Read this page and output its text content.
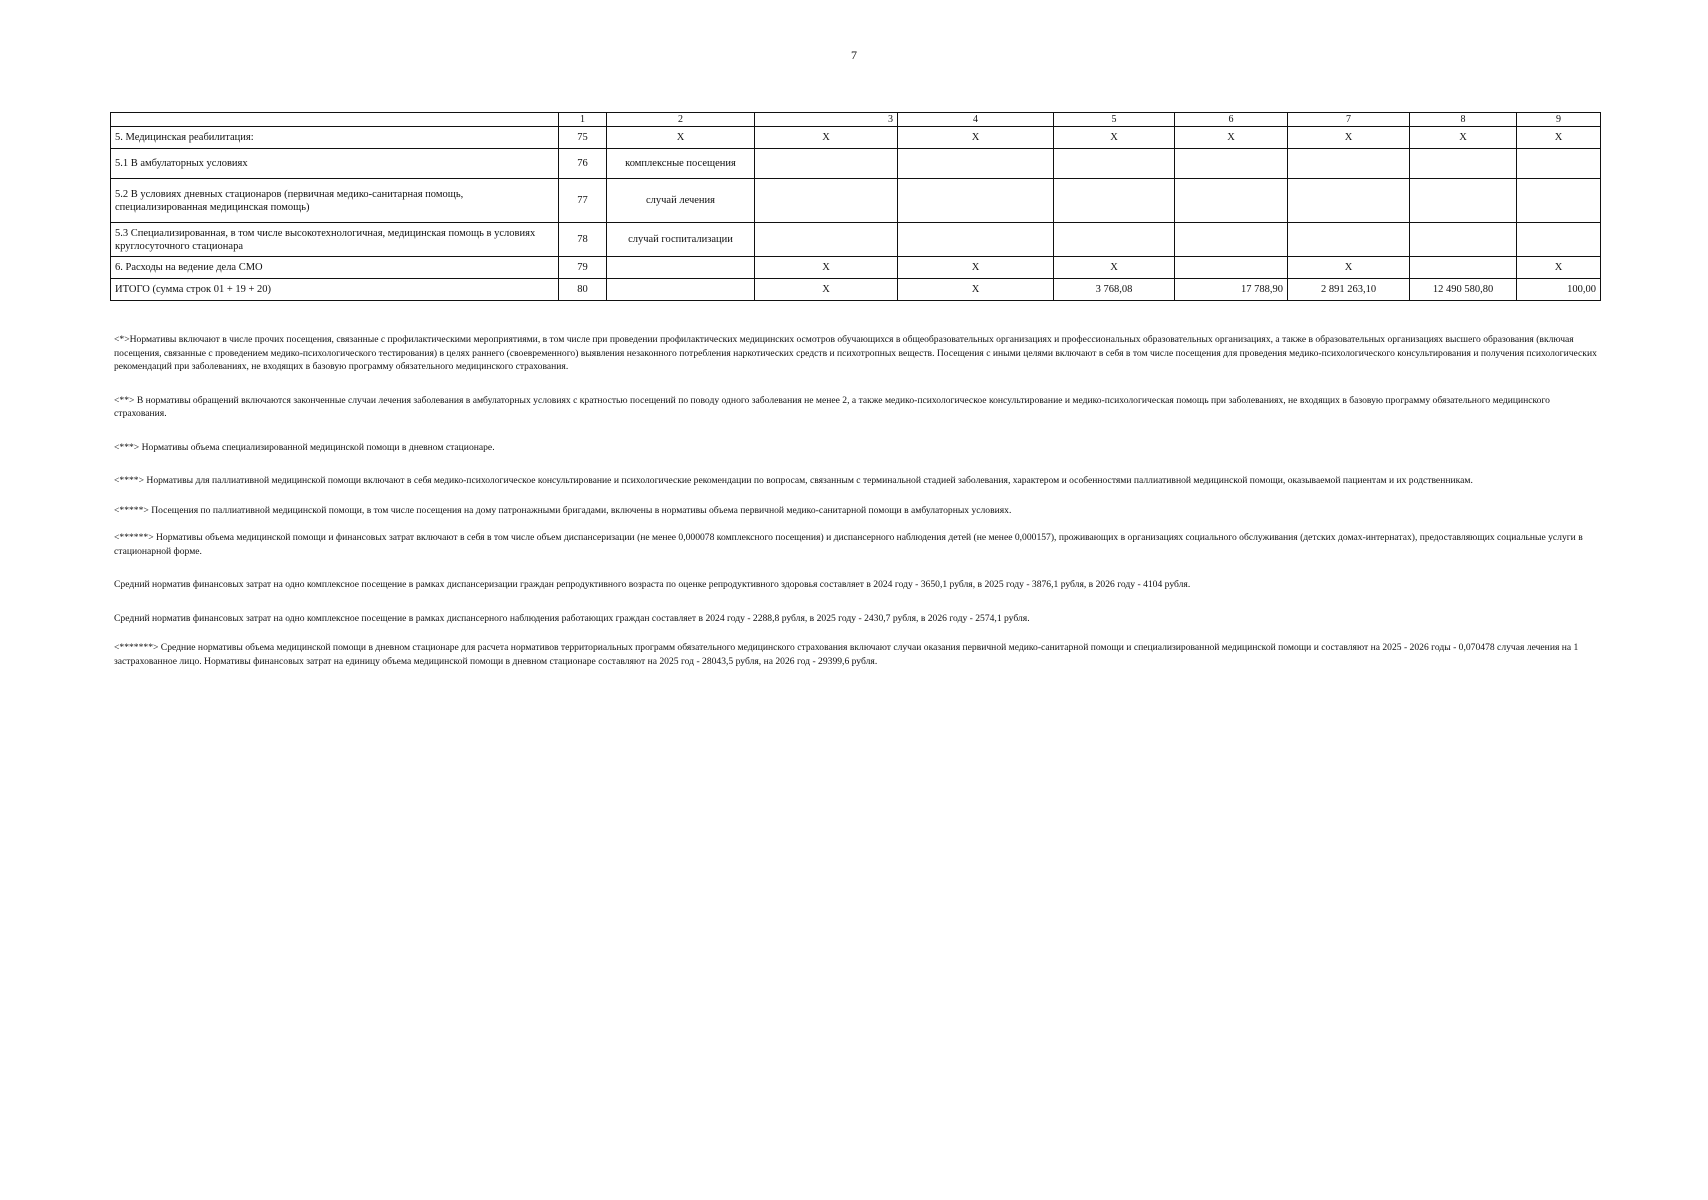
7
	1	2	3	4	5	6	7	8	9
5. Медицинская реабилитация:	75	Х	Х	Х	Х	Х	Х	Х	Х
5.1 В амбулаторных условиях	76	комплексные посещения							
5.2 В условиях дневных стационаров (первичная медико-санитарная помощь, специализированная медицинская помощь)	77	случай лечения							
5.3 Специализированная, в том числе высокотехнологичная, медицинская помощь в условиях круглосуточного стационара	78	случай госпитализации							
6. Расходы на ведение дела СМО	79		Х	Х	Х		Х		Х
ИТОГО (сумма строк 01 + 19 + 20)	80		Х	Х	3 768,08	17 788,90	2 891 263,10	12 490 580,80	100,00

<*>Нормативы включают в числе прочих посещения, связанные с профилактическими мероприятиями, в том числе при проведении профилактических медицинских осмотров обучающихся в общеобразовательных организациях и профессиональных образовательных организациях, а также в образовательных организациях высшего образования (включая посещения, связанные с проведением медико-психологического тестирования) в целях раннего (своевременного) выявления незаконного потребления наркотических средств и психотропных веществ. Посещения с иными целями включают в себя в том числе посещения для проведения медико-психологического консультирования и получения психологических рекомендаций при заболеваниях, не входящих в базовую программу обязательного медицинского страхования.

<**> В нормативы обращений включаются законченные случаи лечения заболевания в амбулаторных условиях с кратностью посещений по поводу одного заболевания не менее 2, а также медико-психологическое консультирование и медико-психологическая помощь при заболеваниях, не входящих в базовую программу обязательного медицинского страхования.

<***> Нормативы объема специализированной медицинской помощи в дневном стационаре.

<****> Нормативы для паллиативной медицинской помощи включают в себя медико-психологическое консультирование и психологические рекомендации по вопросам, связанным с терминальной стадией заболевания, характером и особенностями паллиативной медицинской помощи, оказываемой пациентам и их родственникам.

<*****> Посещения по паллиативной медицинской помощи, в том числе посещения на дому патронажными бригадами, включены в нормативы объема первичной медико-санитарной помощи в амбулаторных условиях.

<******> Нормативы объема медицинской помощи и финансовых затрат включают в себя в том числе объем диспансеризации (не менее 0,000078 комплексного посещения) и диспансерного наблюдения детей (не менее 0,000157), проживающих в организациях социального обслуживания (детских домах-интернатах), предоставляющих социальные услуги в стационарной форме.

Средний норматив финансовых затрат на одно комплексное посещение в рамках диспансеризации граждан репродуктивного возраста по оценке репродуктивного здоровья составляет в 2024 году - 3650,1 рубля, в 2025 году - 3876,1 рубля, в 2026 году - 4104 рубля.

Средний норматив финансовых затрат на одно комплексное посещение в рамках диспансерного наблюдения работающих граждан составляет в 2024 году - 2288,8 рубля, в 2025 году - 2430,7 рубля, в 2026 году - 2574,1 рубля.

<*******> Средние нормативы объема медицинской помощи в дневном стационаре для расчета нормативов территориальных программ обязательного медицинского страхования включают случаи оказания первичной медико-санитарной помощи и специализированной медицинской помощи и составляют на 2025 - 2026 годы - 0,070478 случая лечения на 1 застрахованное лицо. Нормативы финансовых затрат на единицу объема медицинской помощи в дневном стационаре составляют на 2025 год - 28043,5 рубля, на 2026 год - 29399,6 рубля.
